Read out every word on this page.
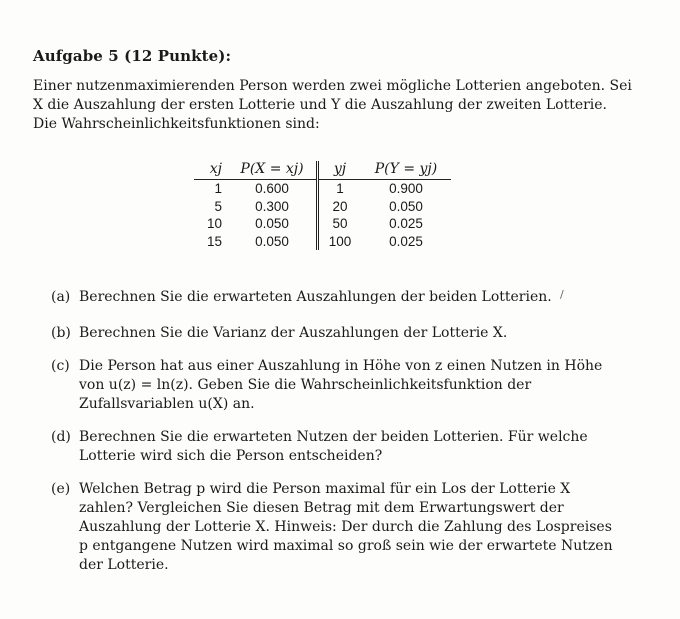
Aufgabe 5 (12 Punkte):

Einer nutzenmaximierenden Person werden zwei mögliche Lotterien angeboten. Sei X die Auszahlung der ersten Lotterie und Y die Auszahlung der zweiten Lotterie. Die Wahrscheinlichkeitsfunktionen sind:

xj	P(X = xj)	yj	P(Y = yj)
1	0.600	1	0.900
5	0.300	20	0.050
10	0.050	50	0.025
15	0.050	100	0.025
(a) Berechnen Sie die erwarteten Auszahlungen der beiden Lotterien.
(b) Berechnen Sie die Varianz der Auszahlungen der Lotterie X.
(c) Die Person hat aus einer Auszahlung in Höhe von z einen Nutzen in Höhe von u(z) = ln(z). Geben Sie die Wahrscheinlichkeitsfunktion der Zufallsvariablen u(X) an.
(d) Berechnen Sie die erwarteten Nutzen der beiden Lotterien. Für welche Lotterie wird sich die Person entscheiden?
(e) Welchen Betrag p wird die Person maximal für ein Los der Lotterie X zahlen? Vergleichen Sie diesen Betrag mit dem Erwartungswert der Auszahlung der Lotterie X. Hinweis: Der durch die Zahlung des Lospreises p entgangene Nutzen wird maximal so groß sein wie der erwartete Nutzen der Lotterie.
/
